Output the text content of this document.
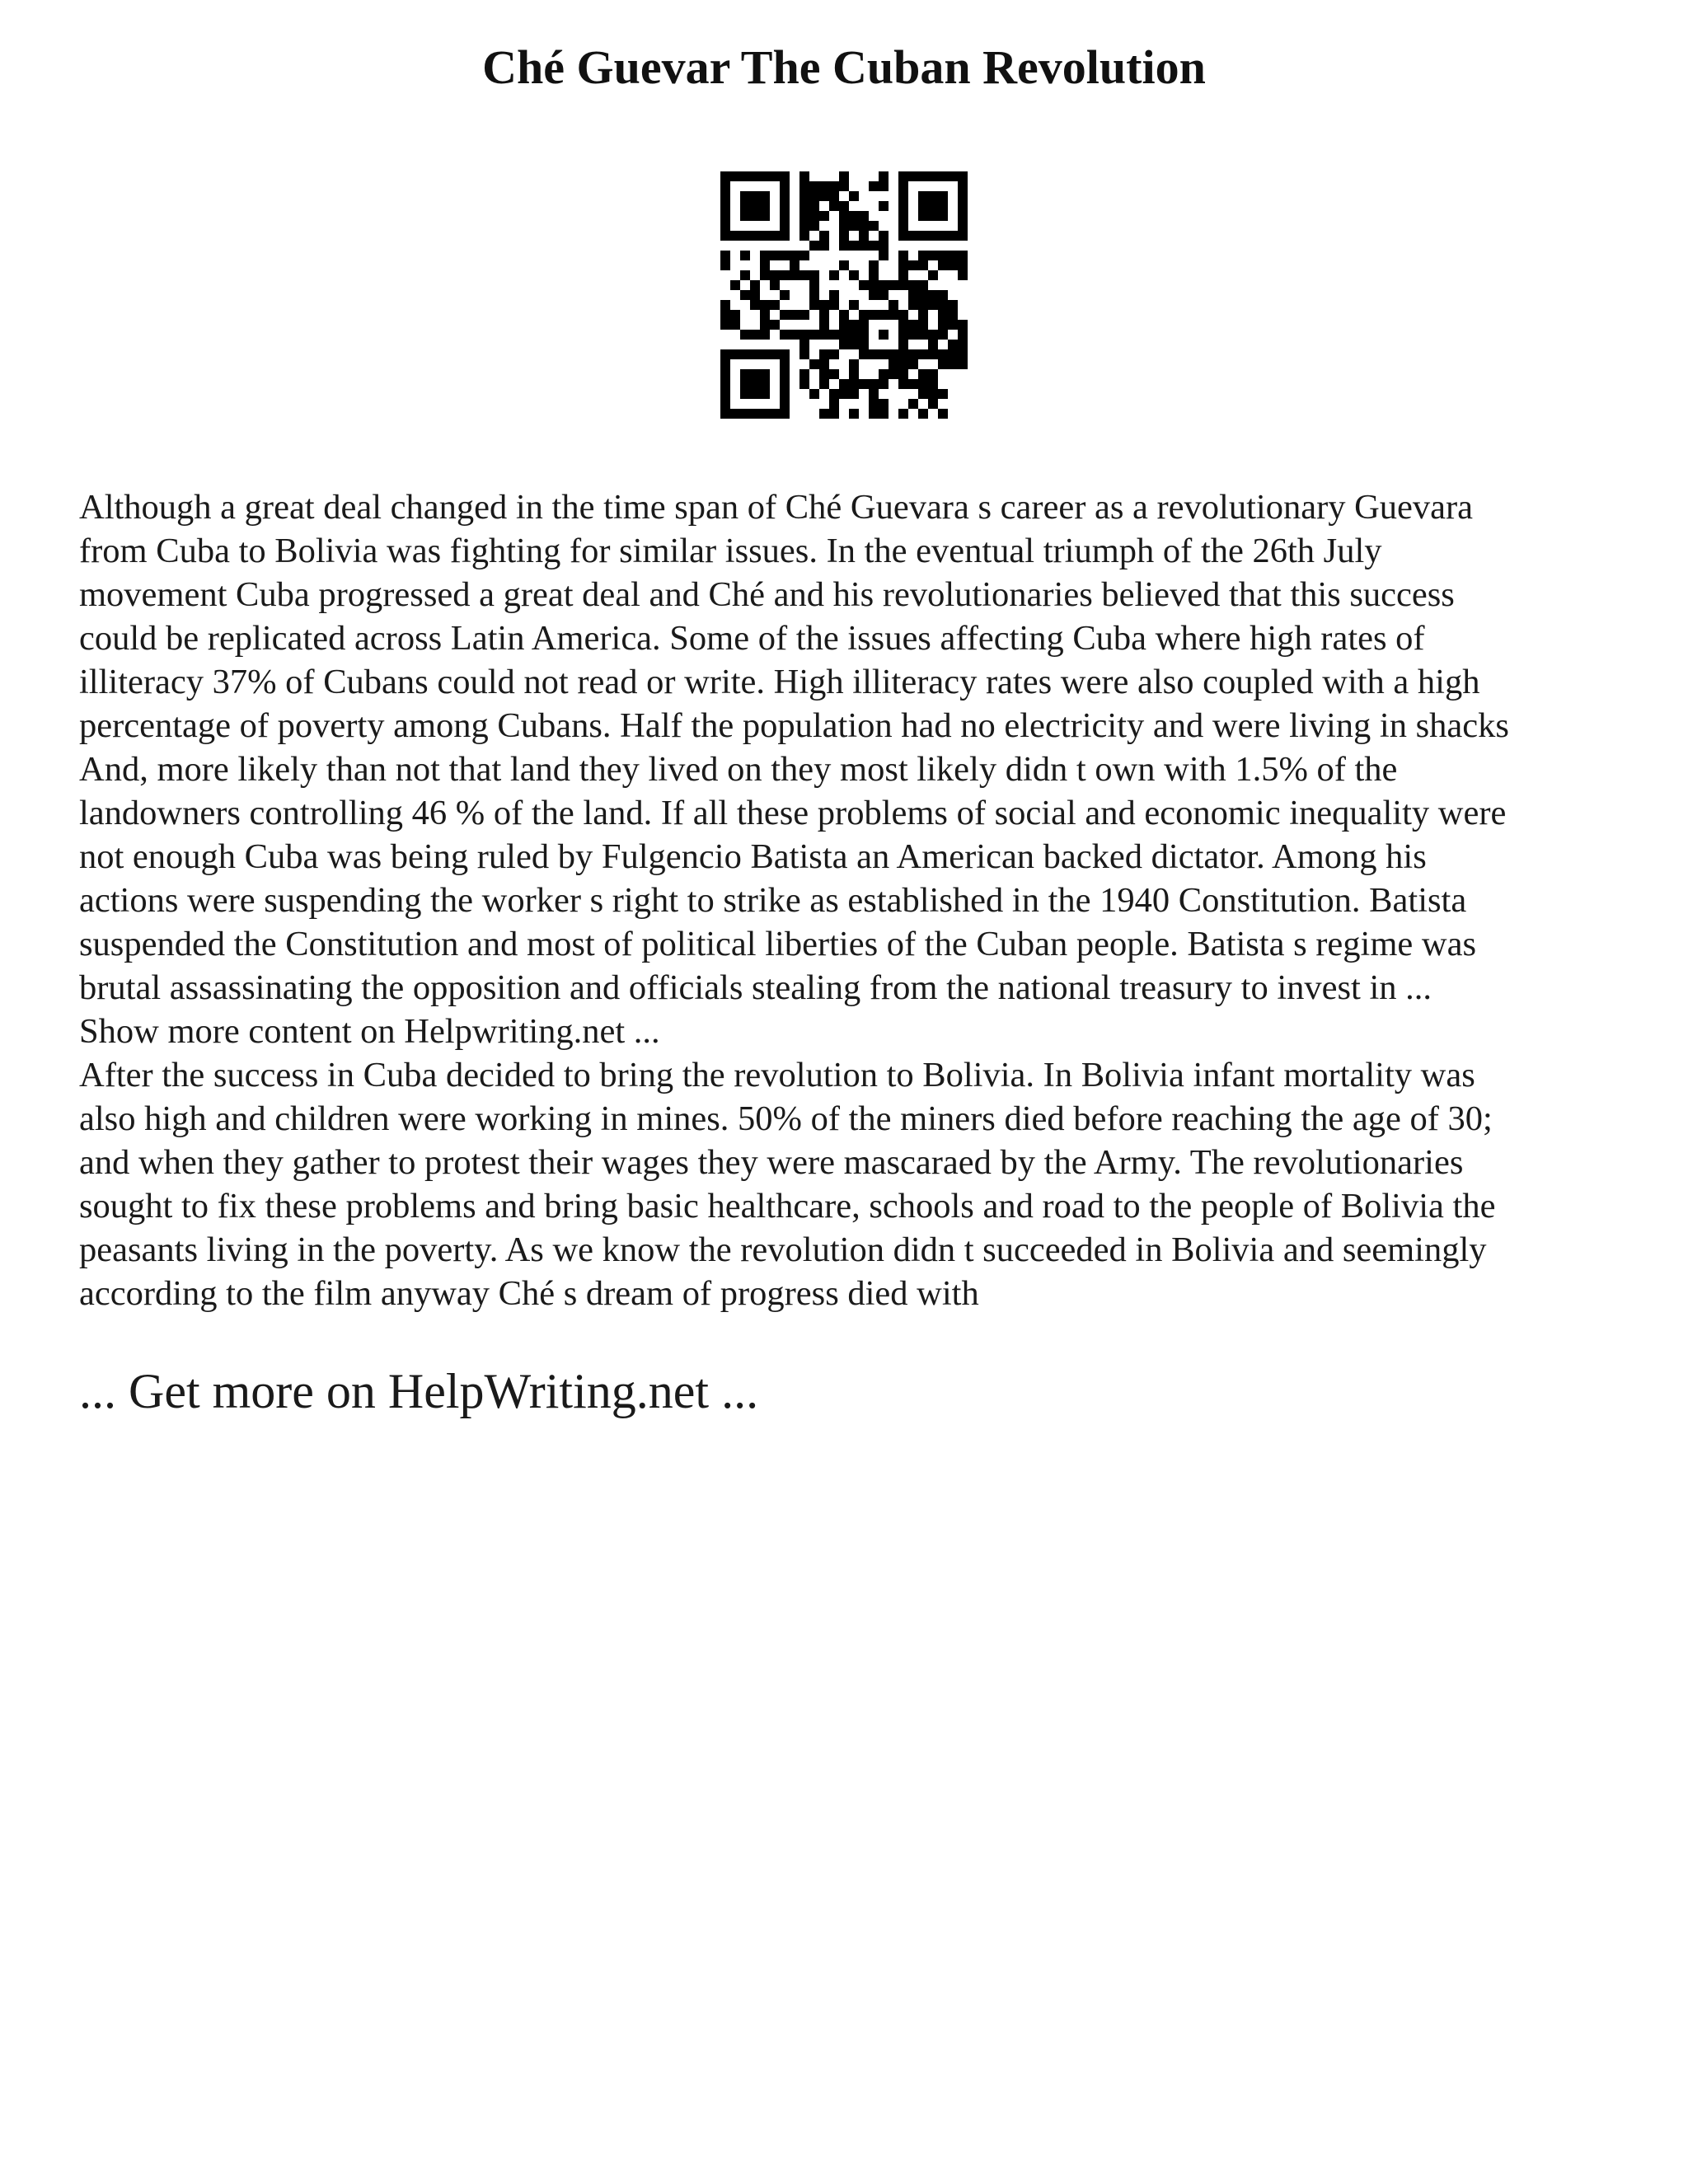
Ché Guevar The Cuban Revolution
Although a great deal changed in the time span of Ché Guevara s career as a revolutionary Guevara
from Cuba to Bolivia was fighting for similar issues. In the eventual triumph of the 26th July
movement Cuba progressed a great deal and Ché and his revolutionaries believed that this success
could be replicated across Latin America. Some of the issues affecting Cuba where high rates of
illiteracy 37% of Cubans could not read or write. High illiteracy rates were also coupled with a high
percentage of poverty among Cubans. Half the population had no electricity and were living in shacks
And, more likely than not that land they lived on they most likely didn t own with 1.5% of the
landowners controlling 46 % of the land. If all these problems of social and economic inequality were
not enough Cuba was being ruled by Fulgencio Batista an American backed dictator. Among his
actions were suspending the worker s right to strike as established in the 1940 Constitution. Batista
suspended the Constitution and most of political liberties of the Cuban people. Batista s regime was
brutal assassinating the opposition and officials stealing from the national treasury to invest in ...
Show more content on Helpwriting.net ...
After the success in Cuba decided to bring the revolution to Bolivia. In Bolivia infant mortality was
also high and children were working in mines. 50% of the miners died before reaching the age of 30;
and when they gather to protest their wages they were mascaraed by the Army. The revolutionaries
sought to fix these problems and bring basic healthcare, schools and road to the people of Bolivia the
peasants living in the poverty. As we know the revolution didn t succeeded in Bolivia and seemingly
according to the film anyway Ché s dream of progress died with
... Get more on HelpWriting.net ...
